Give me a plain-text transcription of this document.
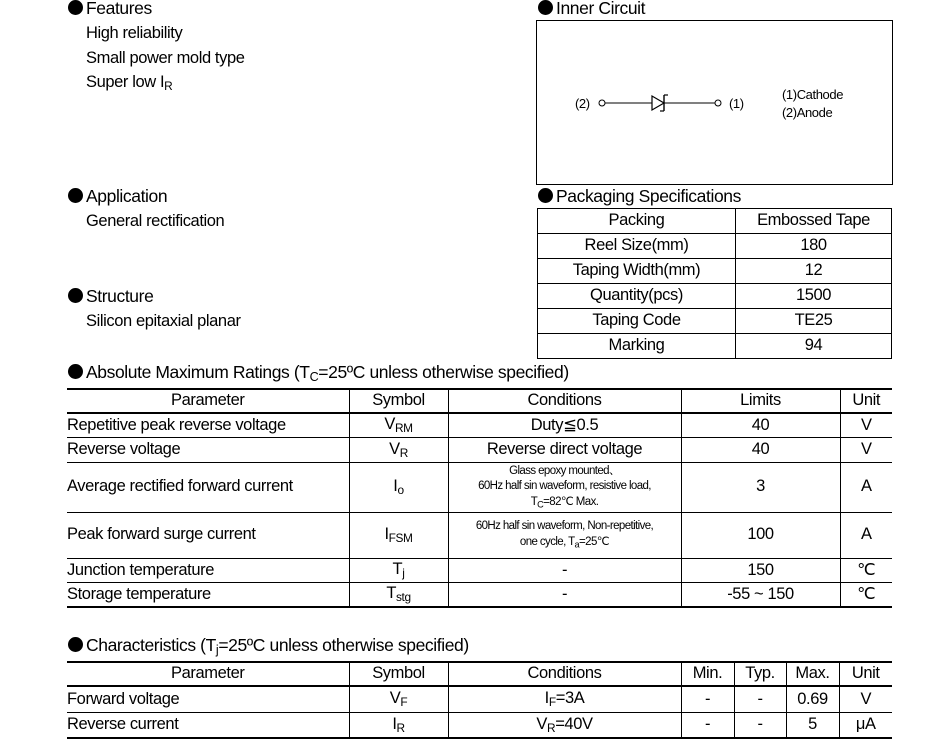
Features
High reliability
Small power mold type
Super low $I_R$
Application
General rectification
Structure
Silicon epitaxial planar
Inner Circuit
(2)	(1)
(1)Cathode
(2)Anode
Packaging Specifications
Packing	Embossed Tape
Reel Size(mm)	180
Taping Width(mm)	12
Quantity(pcs)	1500
Taping Code	TE25
Marking	94
Absolute Maximum Ratings ($T_C=25ºC$ unless otherwise specified)
Parameter	Symbol	Conditions	Limits	Unit
Repetitive peak reverse voltage	$V_{RM}$	Duty≦0.5	40	V
Reverse voltage	$V_R$	Reverse direct voltage	40	V
Average rectified forward current	$I_o$	Glass epoxy mounted、
60Hz half sin waveform, resistive load,
$T_C=82℃$ Max.	3	A
Peak forward surge current	$I_{FSM}$	60Hz half sin waveform, Non-repetitive,
one cycle, $T_a=25℃$	100	A
Junction temperature	$T_j$	-	150	℃
Storage temperature	$T_{stg}$	-	-55 ~ 150	℃
Characteristics ($T_j=25ºC$ unless otherwise specified)
Parameter	Symbol	Conditions	Min.	Typ.	Max.	Unit
Forward voltage	$V_F$	$I_F=3A$	-	-	0.69	V
Reverse current	$I_R$	$V_R=40V$	-	-	5	μA
